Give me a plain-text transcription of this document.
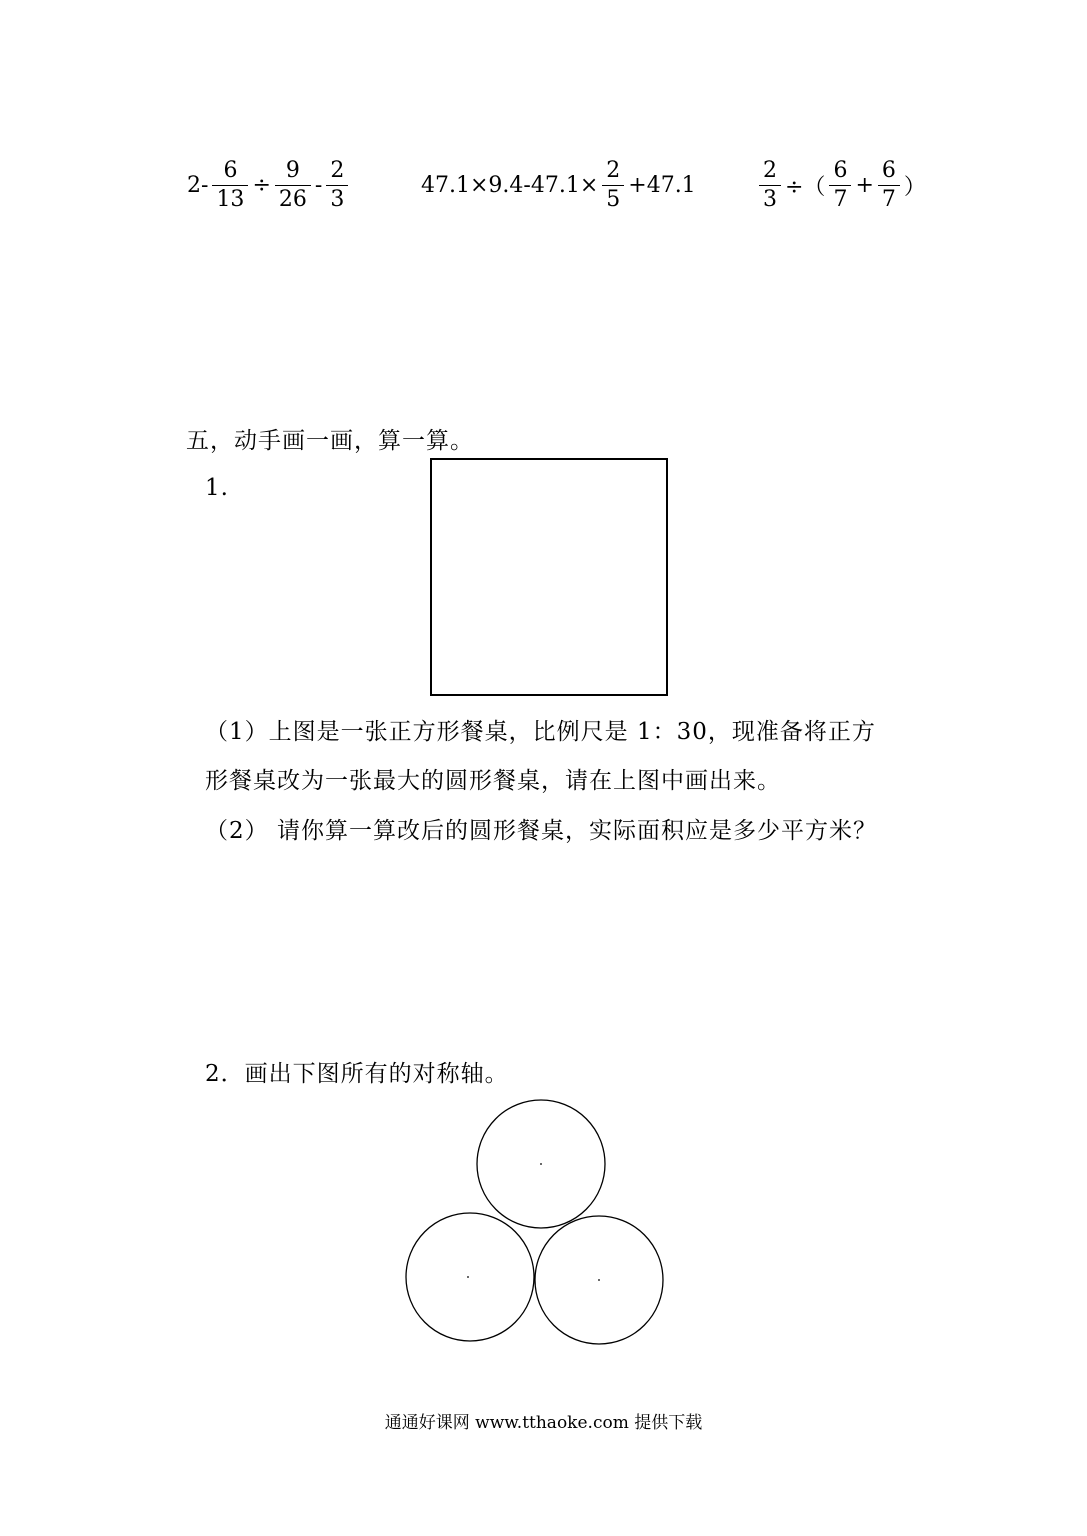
$2- \frac{6}{13} \div \frac{9}{26} - \frac{2}{3}$	$47.1\times 9.4-47.1\times \frac{2}{5} +47.1$	$\frac{2}{3}$ ÷（ $\frac{6}{7} + \frac{6}{7}$ ）
五，动手画一画，算一算。
1.
（1）上图是一张正方形餐桌，比例尺是 1：30，现准备将正方
形餐桌改为一张最大的圆形餐桌，请在上图中画出来。
（2） 请你算一算改后的圆形餐桌，实际面积应是多少平方米？
2．画出下图所有的对称轴。
通通好课网 www.tthaoke.com 提供下载
